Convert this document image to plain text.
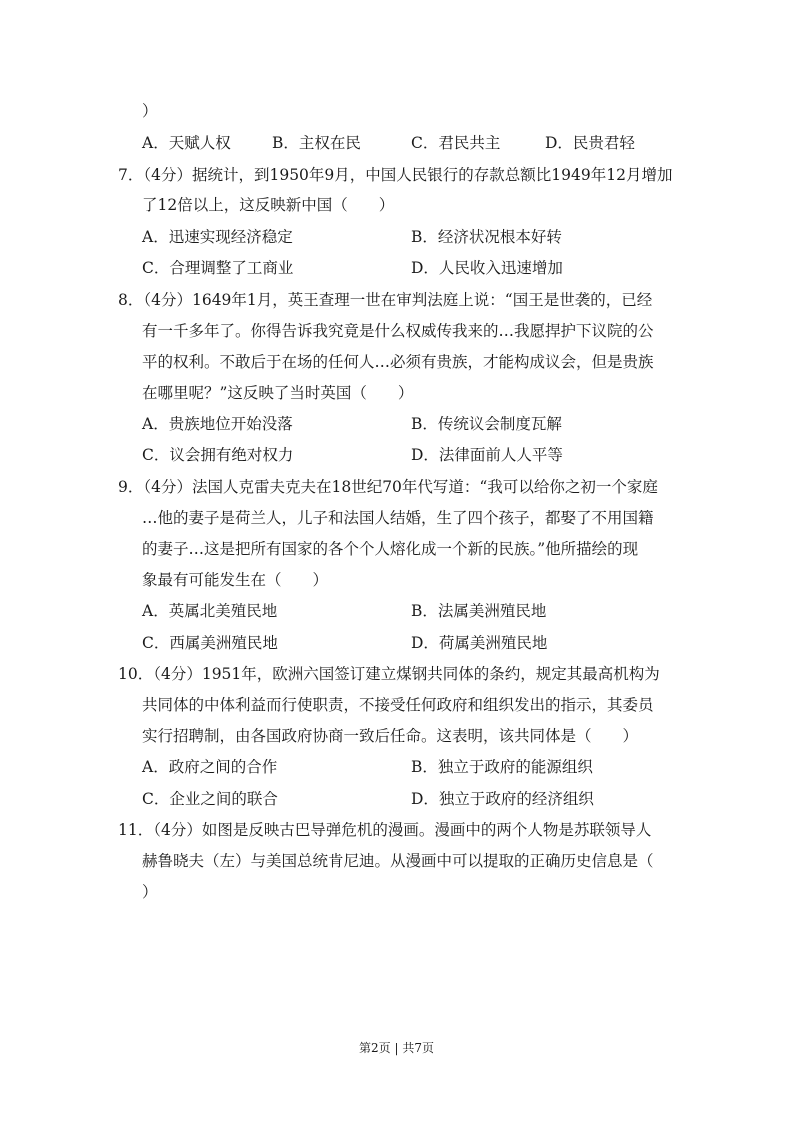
）
A．天赋人权	B．主权在民	C．君民共主	D．民贵君轻
7．（4分）据统计，到1950年9月，中国人民银行的存款总额比1949年12月增加
了12倍以上，这反映新中国（　　）
A．迅速实现经济稳定	B．经济状况根本好转
C．合理调整了工商业	D．人民收入迅速增加
8．（4分）1649年1月，英王查理一世在审判法庭上说：“国王是世袭的，已经
有一千多年了。你得告诉我究竟是什么权威传我来的…我愿捍护下议院的公
平的权利。不敢后于在场的任何人…必须有贵族，才能构成议会，但是贵族
在哪里呢？”这反映了当时英国（　　）
A．贵族地位开始没落	B．传统议会制度瓦解
C．议会拥有绝对权力	D．法律面前人人平等
9．（4分）法国人克雷夫克夫在18世纪70年代写道：“我可以给你之初一个家庭
…他的妻子是荷兰人，儿子和法国人结婚，生了四个孩子，都娶了不用国籍
的妻子…这是把所有国家的各个个人熔化成一个新的民族。”他所描绘的现
象最有可能发生在（　　）
A．英属北美殖民地	B．法属美洲殖民地
C．西属美洲殖民地	D．荷属美洲殖民地
10．（4分）1951年，欧洲六国签订建立煤钢共同体的条约，规定其最高机构为
共同体的中体利益而行使职责，不接受任何政府和组织发出的指示，其委员
实行招聘制，由各国政府协商一致后任命。这表明，该共同体是（　　）
A．政府之间的合作	B．独立于政府的能源组织
C．企业之间的联合	D．独立于政府的经济组织
11．（4分）如图是反映古巴导弹危机的漫画。漫画中的两个人物是苏联领导人
赫鲁晓夫（左）与美国总统肯尼迪。从漫画中可以提取的正确历史信息是（
）
第2页 | 共7页
